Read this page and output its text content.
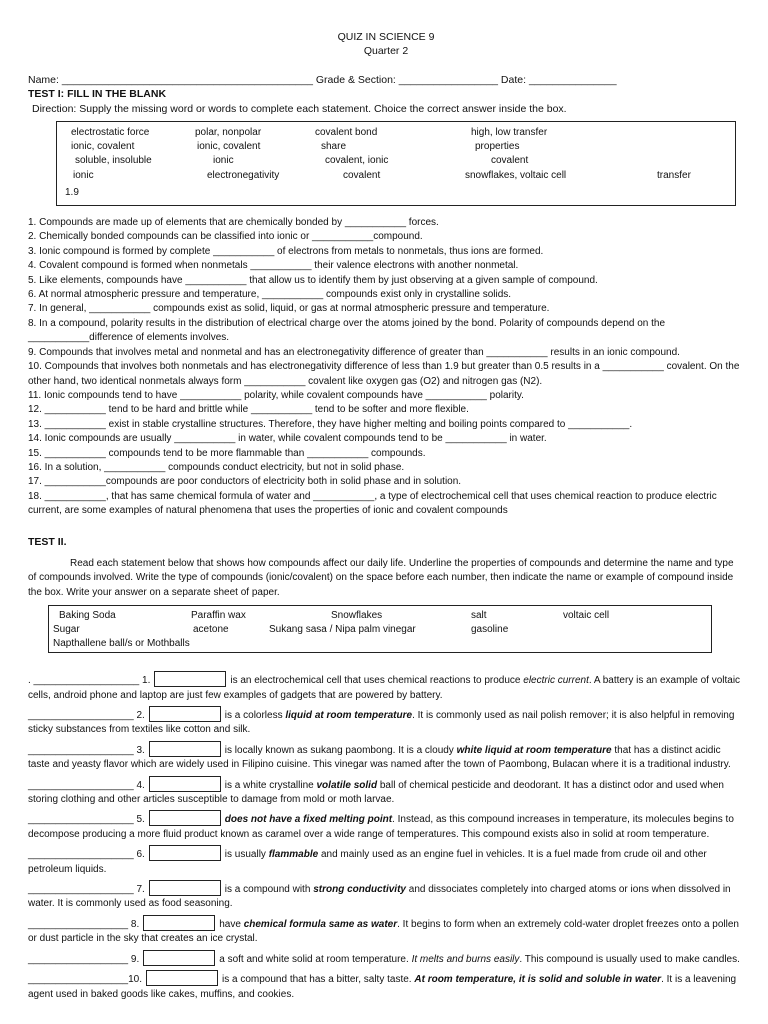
QUIZ IN SCIENCE 9
Quarter 2
Name: ___________________________________________ Grade & Section: _________________ Date: _______________
TEST I: FILL IN THE BLANK
Direction: Supply the missing word or words to complete each statement. Choice the correct answer inside the box.
electrostatic force	polar, nonpolar	covalent bond	high, low transfer
ionic, covalent	ionic, covalent	share	properties
soluble, insoluble	ionic	covalent, ionic	covalent
ionic	electronegativity	covalent	snowflakes, voltaic cell	transfer
1.9
1. Compounds are made up of elements that are chemically bonded by ___________ forces.
2. Chemically bonded compounds can be classified into ionic or ___________compound.
3. Ionic compound is formed by complete ___________ of electrons from metals to nonmetals, thus ions are formed.
4. Covalent compound is formed when nonmetals ___________ their valence electrons with another nonmetal.
5. Like elements, compounds have ___________ that allow us to identify them by just observing at a given sample of compound.
6. At normal atmospheric pressure and temperature, ___________ compounds exist only in crystalline solids.
7. In general, ___________ compounds exist as solid, liquid, or gas at normal atmospheric pressure and temperature.
8. In a compound, polarity results in the distribution of electrical charge over the atoms joined by the bond. Polarity of compounds depend on the ___________difference of elements involves.
9. Compounds that involves metal and nonmetal and has an electronegativity difference of greater than ___________ results in an ionic compound.
10. Compounds that involves both nonmetals and has electronegativity difference of less than 1.9 but greater than 0.5 results in a ___________ covalent. On the other hand, two identical nonmetals always form ___________ covalent like oxygen gas (O2) and nitrogen gas (N2).
11. Ionic compounds tend to have ___________ polarity, while covalent compounds have ___________ polarity.
12. ___________ tend to be hard and brittle while ___________ tend to be softer and more flexible.
13. ___________ exist in stable crystalline structures. Therefore, they have higher melting and boiling points compared to ___________.
14. Ionic compounds are usually ___________ in water, while covalent compounds tend to be ___________ in water.
15. ___________ compounds tend to be more flammable than ___________ compounds.
16. In a solution, ___________ compounds conduct electricity, but not in solid phase.
17. ___________compounds are poor conductors of electricity both in solid phase and in solution.
18. ___________, that has same chemical formula of water and ___________, a type of electrochemical cell that uses chemical reaction to produce electric current, are some examples of natural phenomena that uses the properties of ionic and covalent compounds
TEST II.
Read each statement below that shows how compounds affect our daily life. Underline the properties of compounds and determine the name and type of compounds involved. Write the type of compounds (ionic/covalent) on the space before each number, then indicate the name or example of compound inside the box. Write your answer on a separate sheet of paper.
Baking Soda	Paraffin wax	Snowflakes	salt	voltaic cell
Sugar	acetone	Sukang sasa / Nipa palm vinegar	gasoline
Napthallene ball/s or Mothballs
. ___________________ 1.	is an electrochemical cell that uses chemical reactions to produce electric current. A battery is an example of voltaic cells, android phone and laptop are just few examples of gadgets that are powered by battery.
___________________ 2.	is a colorless liquid at room temperature. It is commonly used as nail polish remover; it is also helpful in removing sticky substances from textiles like cotton and silk.
___________________ 3.	is locally known as sukang paombong. It is a cloudy white liquid at room temperature that has a distinct acidic taste and yeasty flavor which are widely used in Filipino cuisine. This vinegar was named after the town of Paombong, Bulacan where it is a traditional industry.
___________________ 4.	is a white crystalline volatile solid ball of chemical pesticide and deodorant. It has a distinct odor and used when storing clothing and other articles susceptible to damage from mold or moth larvae.
___________________ 5.	does not have a fixed melting point. Instead, as this compound increases in temperature, its molecules begins to decompose producing a more fluid product known as caramel over a wide range of temperatures. This compound exists also in solid at room temperature.
___________________ 6.	is usually flammable and mainly used as an engine fuel in vehicles. It is a fuel made from crude oil and other petroleum liquids.
___________________ 7.	is a compound with strong conductivity and dissociates completely into charged atoms or ions when dissolved in water. It is commonly used as food seasoning.
__________________ 8.	have chemical formula same as water. It begins to form when an extremely cold-water droplet freezes onto a pollen or dust particle in the sky that creates an ice crystal.
__________________ 9.	a soft and white solid at room temperature. It melts and burns easily. This compound is usually used to make candles.
__________________10.	is a compound that has a bitter, salty taste. At room temperature, it is solid and soluble in water. It is a leavening agent used in baked goods like cakes, muffins, and cookies.
